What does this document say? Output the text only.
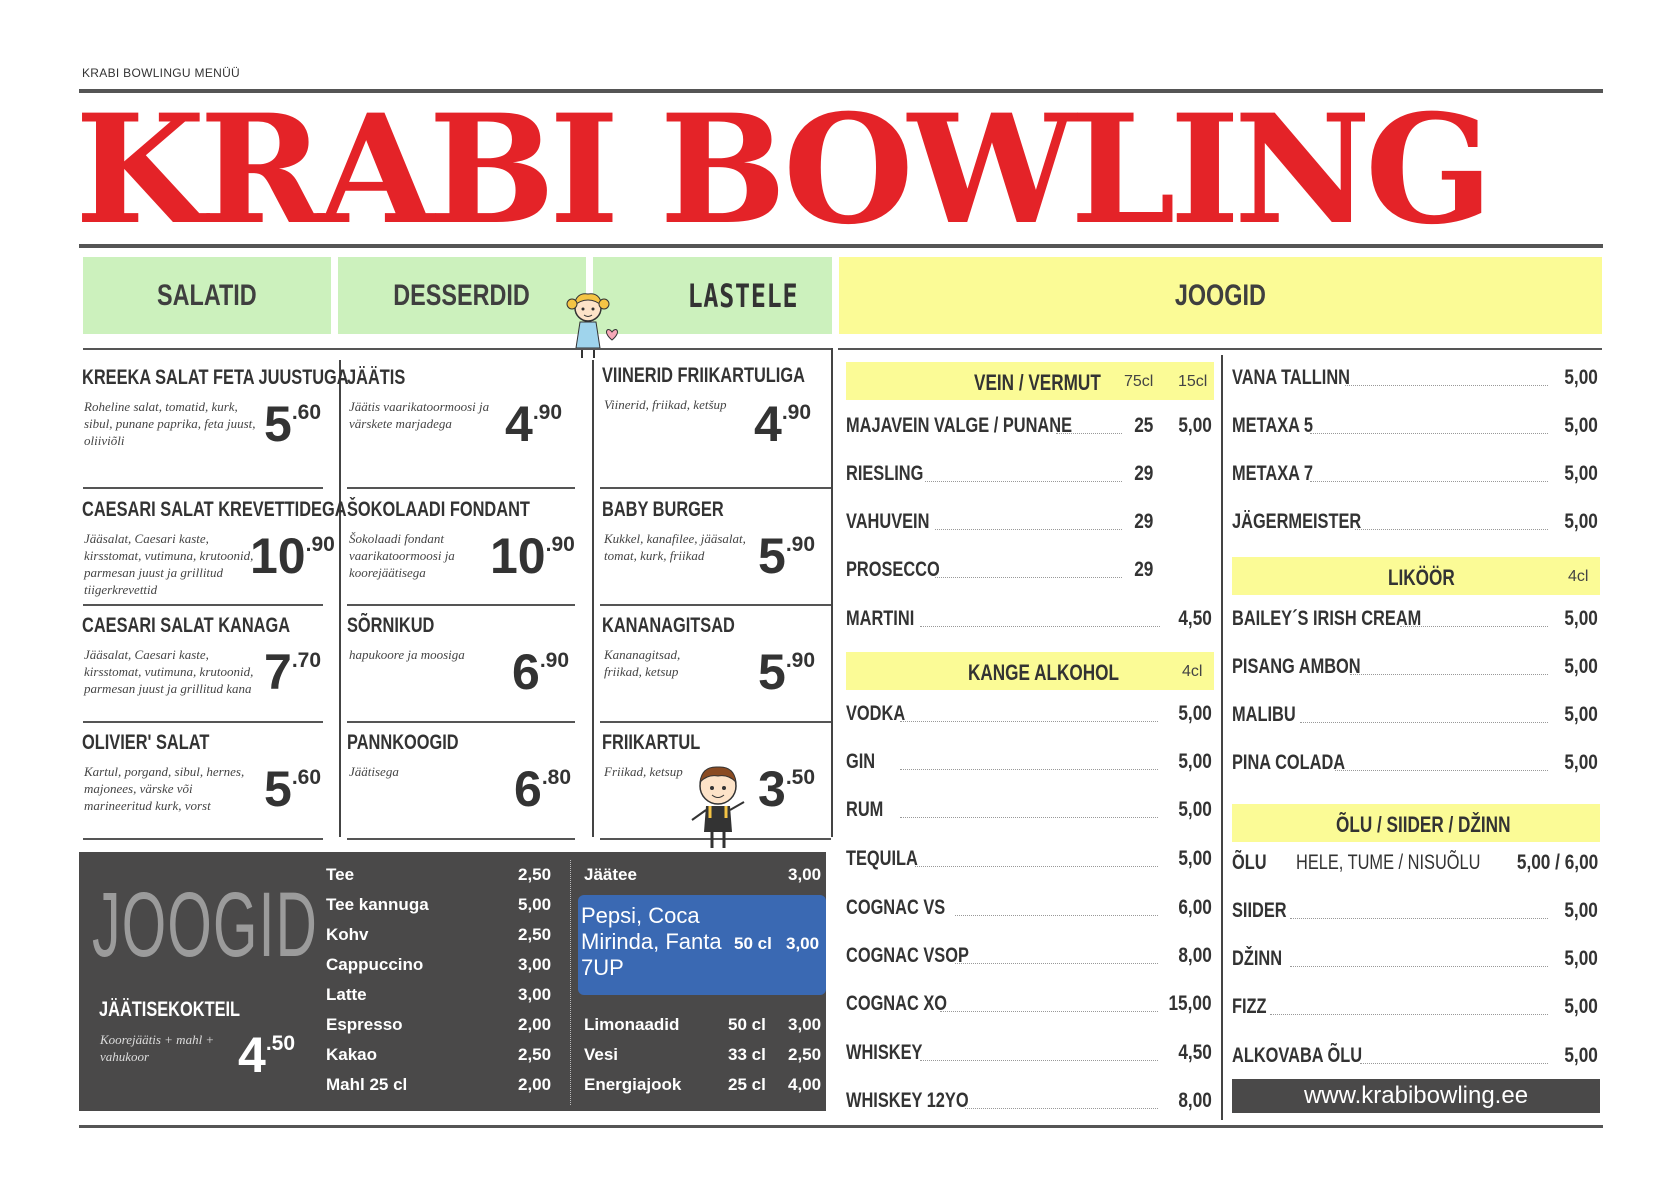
KRABI BOWLINGU MENÜÜ
KRABI BOWLING
SALATID	DESSERDID	LASTELE	JOOGID
KREEKA SALAT FETA JUUSTUGA
Roheline salat, tomatid, kurk, sibul, punane paprika, feta juust, oliiviõli	5.60
CAESARI SALAT KREVETTIDEGA
Jääsalat, Caesari kaste, kirsstomat, vutimuna, krutoonid, parmesan juust ja grillitud tiigerkrevettid
10.90
CAESARI SALAT KANAGA
Jääsalat, Caesari kaste, kirsstomat, vutimuna, krutoonid, parmesan juust ja grillitud kana 7.70
OLIVIER' SALAT
Kartul, porgand, sibul, hernes, majonees, värske või marineeritud kurk, vorst	5.60
JÄÄTIS
Jäätis vaarikatoormoosi ja värskete marjadega	4.90
ŠOKOLAADI FONDANT
Šokolaadi fondant vaarikatoormoosi ja koorejäätisega	10.90
SÕRNIKUD
hapukoore ja moosiga 6.90
PANNKOOGID
Jäätisega	6.80
VIINERID FRIIKARTULIGA
Viinerid, friikad, ketšup 4.90
BABY BURGER
Kukkel, kanafilee, jääsalat, tomat, kurk, friikad	5.90
KANANAGITSAD
Kananagitsad, friikad, ketsup	5.90
FRIIKARTUL
Friikad, ketsup	3.50
JOOGID
JÄÄTISEKOKTEIL
Koorejäätis + mahl + vahukoor	4.50
Tee	2,50
Tee kannuga	5,00
Kohv	2,50
Cappuccino	3,00
Latte	3,00
Espresso	2,00
Kakao	2,50
Mahl 25 cl	2,00
Jäätee	3,00
Pepsi, Coca
Mirinda, Fanta
7UP
50 cl 3,00
Limonaadid	50 cl 3,00
Vesi	33 cl 2,50
Energiajook	25 cl 4,00
VEIN / VERMUT 75cl 15cl
MAJAVEIN VALGE / PUNANE	25 5,00
RIESLING	29
VAHUVEIN	29
PROSECCO	29
MARTINI	4,50
KANGE ALKOHOL	4cl
VODKA	5,00
GIN	5,00
RUM	5,00
TEQUILA	5,00
COGNAC VS	6,00
COGNAC VSOP	8,00
COGNAC XO	15,00
WHISKEY	4,50
WHISKEY 12YO	8,00
VANA TALLINN	5,00
METAXA 5	5,00
METAXA 7	5,00
JÄGERMEISTER	5,00
BAILEY´S IRISH CREAM	5,00
PISANG AMBON	5,00
MALIBU	5,00
PINA COLADA	5,00
SIIDER	5,00
DŽINN	5,00
FIZZ	5,00
ALKOVABA ÕLU	5,00
LIKÖÖR	4cl
ÕLU / SIIDER / DŽINN
ÕLU	HELE, TUME / NISUÕLU	5,00 / 6,00
www.krabibowling.ee
